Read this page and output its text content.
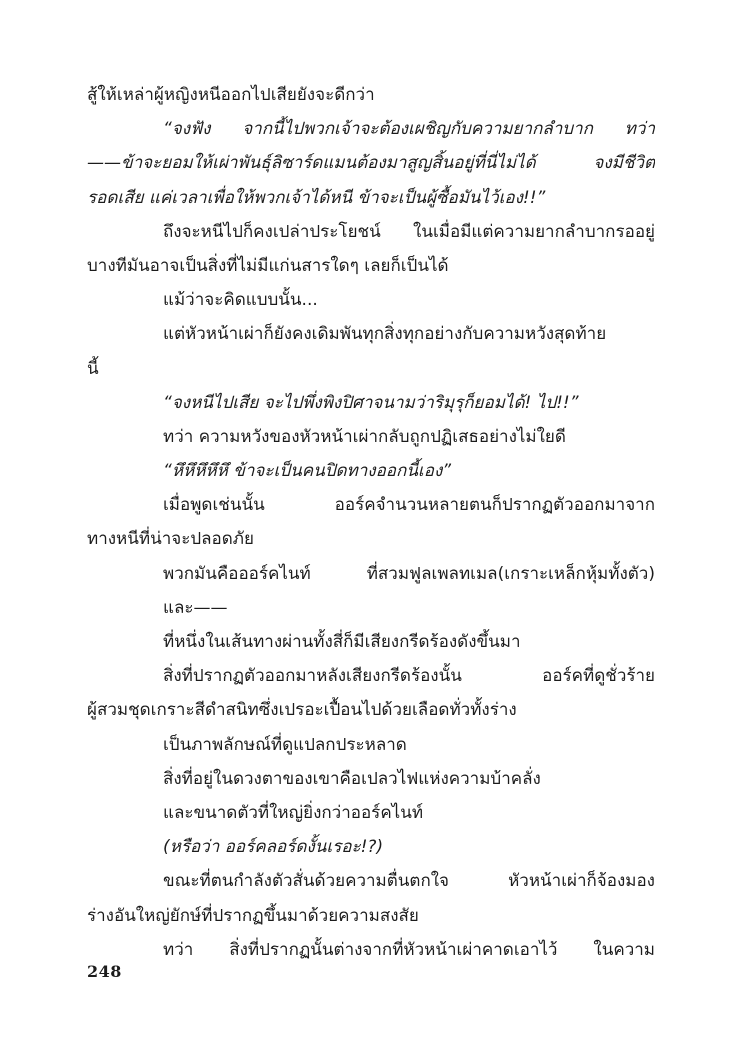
สู้ให้เหล่าผู้หญิงหนีออกไปเสียยังจะดีกว่า
“จงฟัง จากนี้ไปพวกเจ้าจะต้องเผชิญกับความยากลำบาก ทว่า
——ข้าจะยอมให้เผ่าพันธุ์ลิซาร์ดแมนต้องมาสูญสิ้นอยู่ที่นี่ไม่ได้ จงมีชีวิต
รอดเสีย แค่เวลาเพื่อให้พวกเจ้าได้หนี ข้าจะเป็นผู้ซื้อมันไว้เอง!!”
ถึงจะหนีไปก็คงเปล่าประโยชน์ ในเมื่อมีแต่ความยากลำบากรออยู่
บางทีมันอาจเป็นสิ่งที่ไม่มีแก่นสารใดๆ เลยก็เป็นได้
แม้ว่าจะคิดแบบนั้น...
แต่หัวหน้าเผ่าก็ยังคงเดิมพันทุกสิ่งทุกอย่างกับความหวังสุดท้าย
นี้
“จงหนีไปเสีย จะไปพึ่งพิงปิศาจนามว่าริมุรุก็ยอมได้! ไป!!”
ทว่า ความหวังของหัวหน้าเผ่ากลับถูกปฏิเสธอย่างไม่ใยดี
“หึหึหึหึหึ ข้าจะเป็นคนปิดทางออกนี้เอง”
เมื่อพูดเช่นนั้น ออร์คจำนวนหลายตนก็ปรากฏตัวออกมาจาก
ทางหนีที่น่าจะปลอดภัย
พวกมันคือออร์คไนท์ ที่สวมฟูลเพลทเมล(เกราะเหล็กหุ้มทั้งตัว)
และ——
ที่หนึ่งในเส้นทางผ่านทั้งสี่ก็มีเสียงกรีดร้องดังขึ้นมา
สิ่งที่ปรากฏตัวออกมาหลังเสียงกรีดร้องนั้น ออร์คที่ดูชั่วร้าย
ผู้สวมชุดเกราะสีดำสนิทซึ่งเปรอะเปื้อนไปด้วยเลือดทั่วทั้งร่าง
เป็นภาพลักษณ์ที่ดูแปลกประหลาด
สิ่งที่อยู่ในดวงตาของเขาคือเปลวไฟแห่งความบ้าคลั่ง
และขนาดตัวที่ใหญ่ยิ่งกว่าออร์คไนท์
(หรือว่า ออร์คลอร์ดงั้นเรอะ!?)
ขณะที่ตนกำลังตัวสั่นด้วยความตื่นตกใจ หัวหน้าเผ่าก็จ้องมอง
ร่างอันใหญ่ยักษ์ที่ปรากฏขึ้นมาด้วยความสงสัย
ทว่า สิ่งที่ปรากฏนั้นต่างจากที่หัวหน้าเผ่าคาดเอาไว้ ในความ
248
